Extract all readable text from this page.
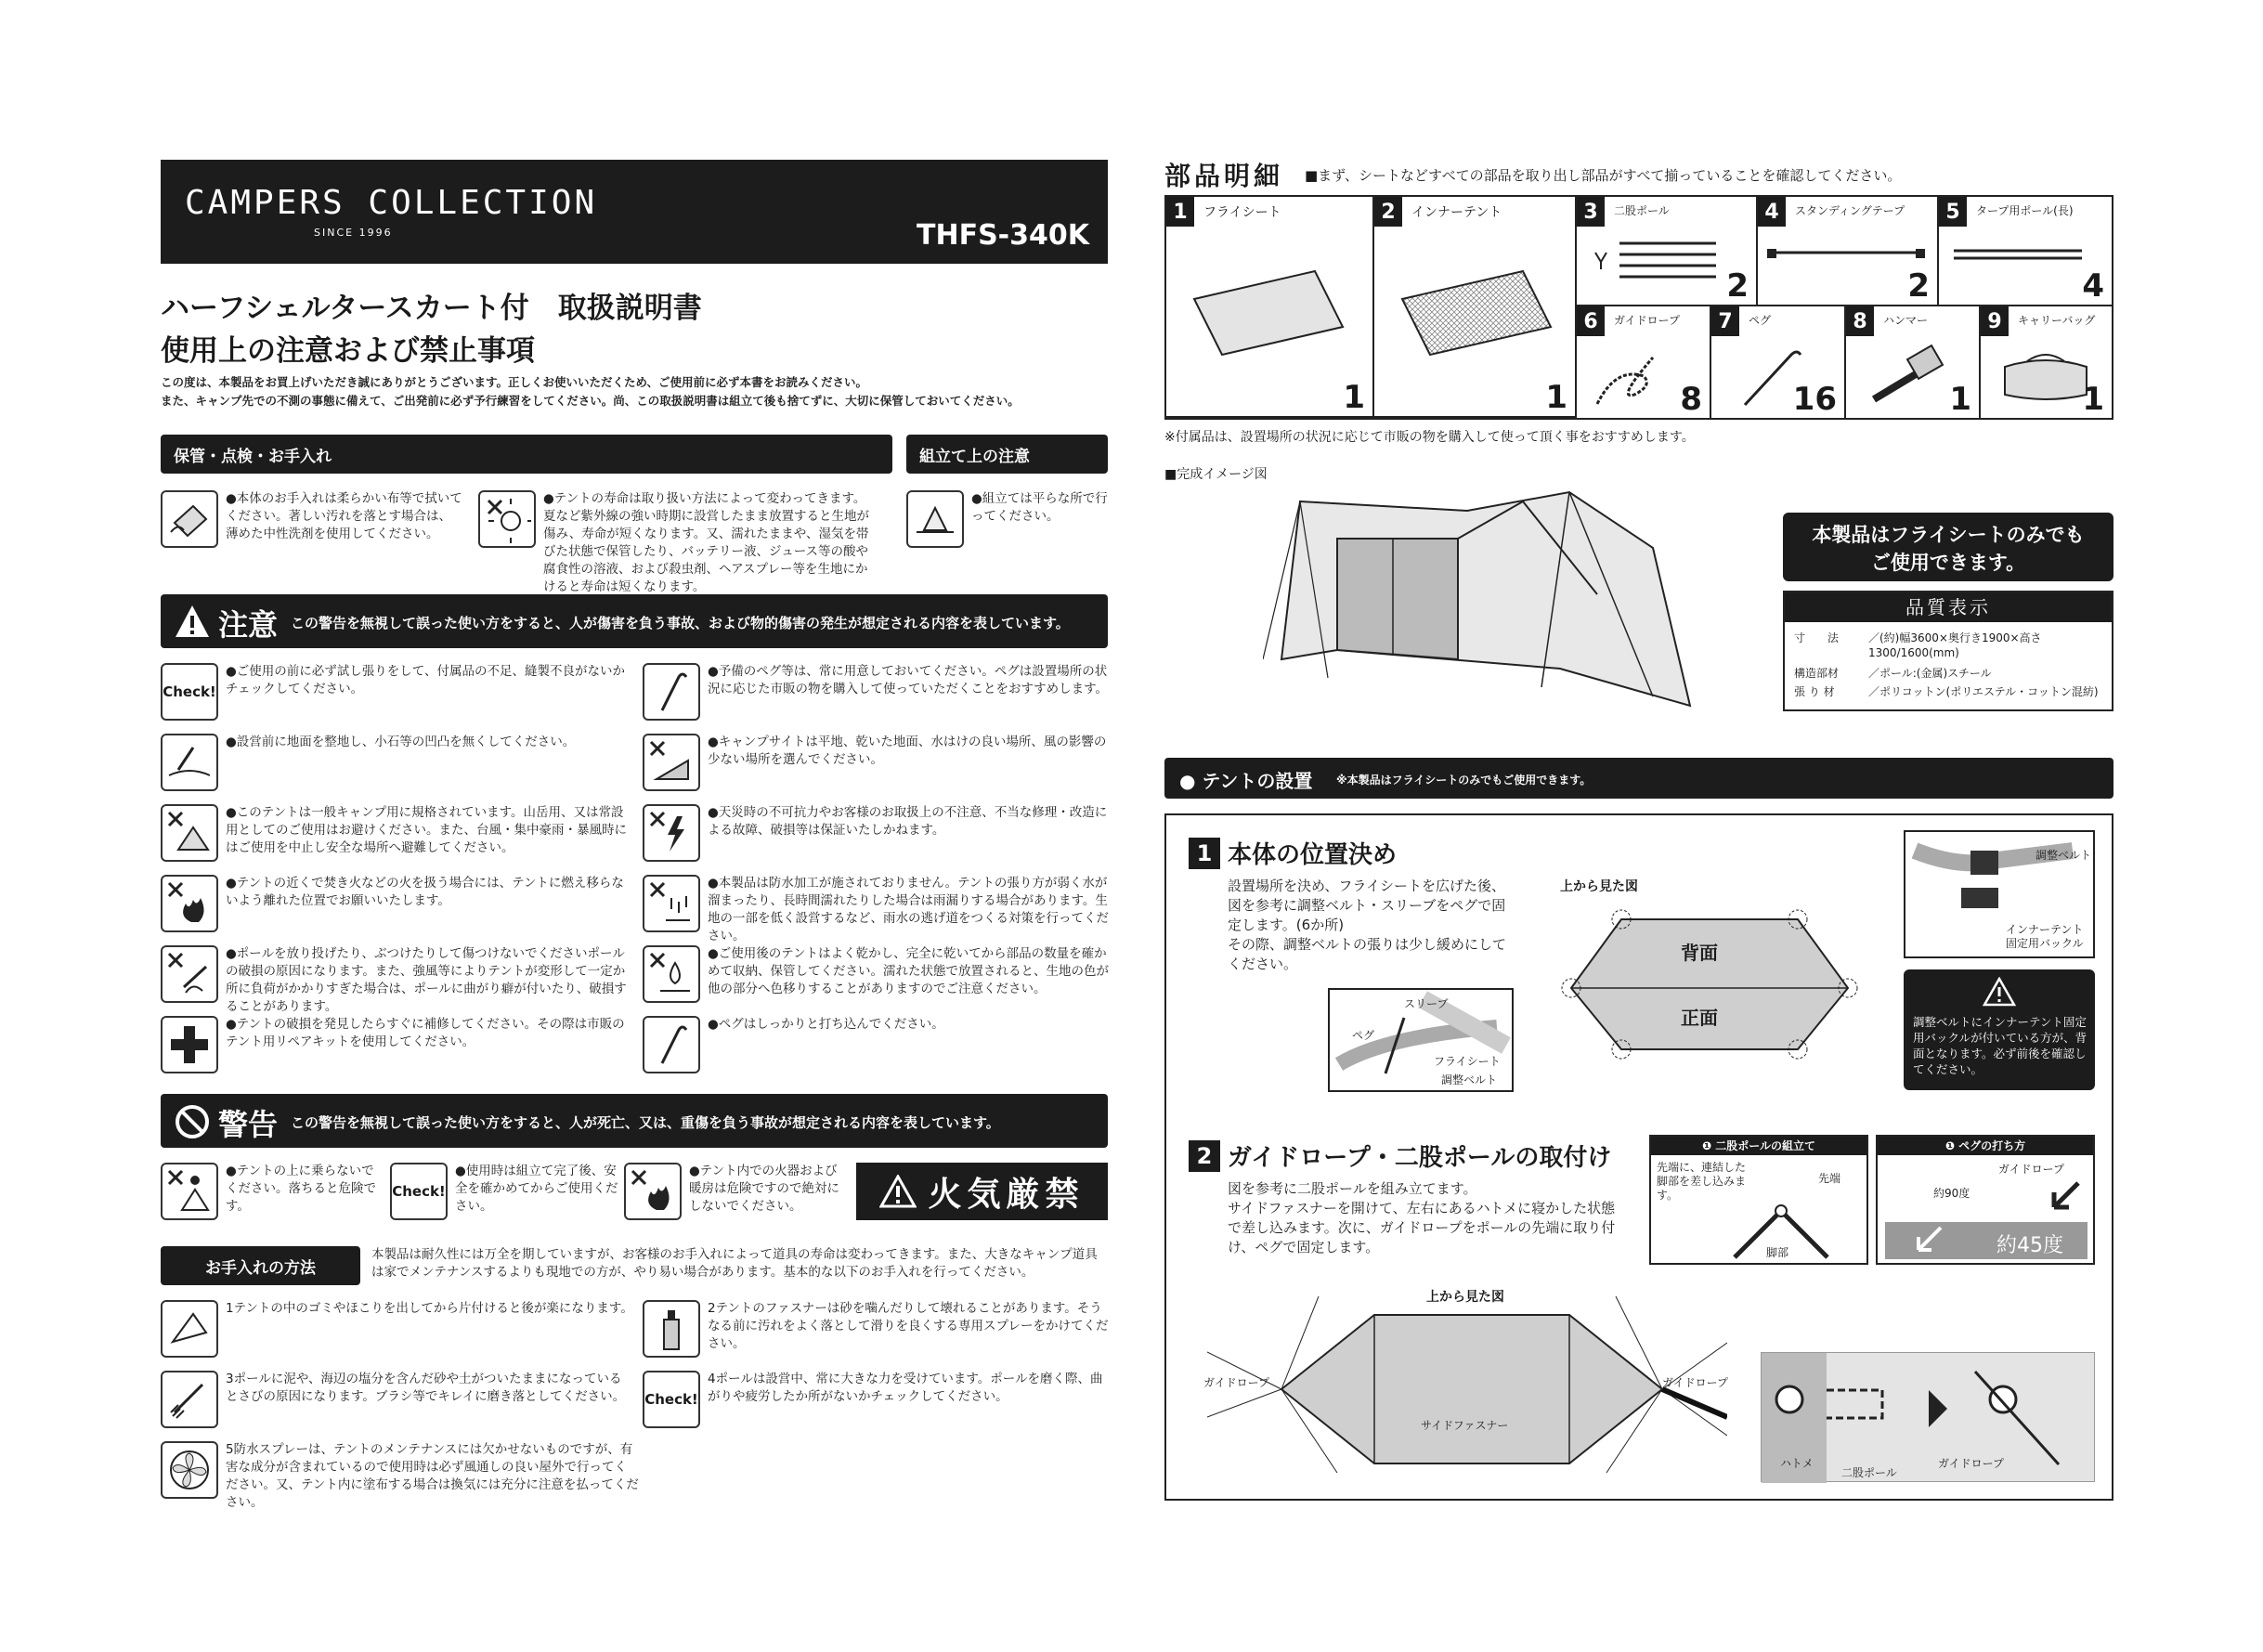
CAMPERS COLLECTION
SINCE 1996	THFS-340K
ハーフシェルタースカート付　取扱説明書
使用上の注意および禁止事項
この度は、本製品をお買上げいただき誠にありがとうございます。正しくお使いいただくため、ご使用前に必ず本書をお読みください。
また、キャンプ先での不測の事態に備えて、ご出発前に必ず予行練習をしてください。尚、この取扱説明書は組立て後も捨てずに、大切に保管しておいてください。
保管・点検・お手入れ	組立て上の注意
●本体のお手入れは柔らかい布等で拭いてください。著しい汚れを落とす場合は、薄めた中性洗剤を使用してください。
●テントの寿命は取り扱い方法によって変わってきます。夏など紫外線の強い時期に設営したまま放置すると生地が傷み、寿命が短くなります。又、濡れたままや、湿気を帯びた状態で保管したり、バッテリー液、ジュース等の酸や腐食性の溶液、および殺虫剤、ヘアスプレー等を生地にかけると寿命は短くなります。
●組立ては平らな所で行ってください。
注意 この警告を無視して誤った使い方をすると、人が傷害を負う事故、および物的傷害の発生が想定される内容を表しています。
Check!
●ご使用の前に必ず試し張りをして、付属品の不足、縫製不良がないかチェックしてください。
●設営前に地面を整地し、小石等の凹凸を無くしてください。
●このテントは一般キャンプ用に規格されています。山岳用、又は常設用としてのご使用はお避けください。また、台風・集中豪雨・暴風時にはご使用を中止し安全な場所へ避難してください。
●テントの近くで焚き火などの火を扱う場合には、テントに燃え移らないよう離れた位置でお願いいたします。
●ポールを放り投げたり、ぶつけたりして傷つけないでくださいポールの破損の原因になります。また、強風等によりテントが変形して一定か所に負荷がかかりすぎた場合は、ポールに曲がり癖が付いたり、破損することがあります。
●テントの破損を発見したらすぐに補修してください。その際は市販のテント用リペアキットを使用してください。
●予備のペグ等は、常に用意しておいてください。ペグは設置場所の状況に応じた市販の物を購入して使っていただくことをおすすめします。
●キャンプサイトは平地、乾いた地面、水はけの良い場所、風の影響の少ない場所を選んでください。
●天災時の不可抗力やお客様のお取扱上の不注意、不当な修理・改造による故障、破損等は保証いたしかねます。
●本製品は防水加工が施されておりません。テントの張り方が弱く水が溜まったり、長時間濡れたりした場合は雨漏りする場合があります。生地の一部を低く設営するなど、雨水の逃げ道をつくる対策を行ってください。
●ご使用後のテントはよく乾かし、完全に乾いてから部品の数量を確かめて収納、保管してください。濡れた状態で放置されると、生地の色が他の部分へ色移りすることがありますのでご注意ください。
●ペグはしっかりと打ち込んでください。
警告 この警告を無視して誤った使い方をすると、人が死亡、又は、重傷を負う事故が想定される内容を表しています。
●テントの上に乗らないでください。落ちると危険です。
Check!
●使用時は組立て完了後、安全を確かめてからご使用ください。
●テント内での火器および暖房は危険ですので絶対にしないでください。	火気厳禁
お手入れの方法
本製品は耐久性には万全を期していますが、お客様のお手入れによって道具の寿命は変わってきます。また、大きなキャンプ道具は家でメンテナンスするよりも現地での方が、やり易い場合があります。基本的な以下のお手入れを行ってください。
1テントの中のゴミやほこりを出してから片付けると後が楽になります。	2テントのファスナーは砂を噛んだりして壊れることがあります。そうなる前に汚れをよく落として滑りを良くする専用スプレーをかけてください。
3ポールに泥や、海辺の塩分を含んだ砂や土がついたままになっているとさびの原因になります。ブラシ等でキレイに磨き落としてください。	Check!
4ポールは設営中、常に大きな力を受けています。ポールを磨く際、曲がりや疲労したか所がないかチェックしてください。
5防水スプレーは、テントのメンテナンスには欠かせないものですが、有害な成分が含まれているので使用時は必ず風通しの良い屋外で行ってください。又、テント内に塗布する場合は換気には充分に注意を払ってください。
部品明細 ■まず、シートなどすべての部品を取り出し部品がすべて揃っていることを確認してください。
1	フライシート
1
2	インナーテント
1
3	二股ポール
2
4	スタンディングテープ
2
5	タープ用ポール(長)
4
6	ガイドロープ
8
7	ペグ
16
8	ハンマー
1
9	キャリーバッグ
1
※付属品は、設置場所の状況に応じて市販の物を購入して使って頂く事をおすすめします。
■完成イメージ図
本製品はフライシートのみでも
ご使用できます。
品質表示
寸　　法	／(約)幅3600×奥行き1900×高さ
1300/1600(mm)
構造部材	／ポール:(金属)スチール
張 り 材	／ポリコットン(ポリエステル・コットン混紡)
● テントの設置 ※本製品はフライシートのみでもご使用できます。
1 本体の位置決め
設置場所を決め、フライシートを広げた後、
図を参考に調整ベルト・スリーブをペグで固
定します。(6か所)
その際、調整ベルトの張りは少し緩めにして
ください。
上から見た図
背面
正面
スリーブ
ペグ
フライシート
調整ベルト
調整ベルト
インナーテント
固定用バックル
調整ベルトにインナーテント固定用バックルが付いている方が、背面となります。必ず前後を確認してください。
2 ガイドロープ・二股ポールの取付け
図を参考に二股ポールを組み立てます。
サイドファスナーを開けて、左右にあるハトメに寝かした状態
で差し込みます。次に、ガイドロープをポールの先端に取り付
け、ペグで固定します。
❶ 二股ポールの組立て
先端に、連結した脚部を差し込みます。
先端
脚部
❶ ペグの打ち方
ガイドロープ
約90度
約45度
上から見た図
ガイドロープ	ガイドロープ
サイドファスナー
ハトメ
二股ポール
ガイドロープ
